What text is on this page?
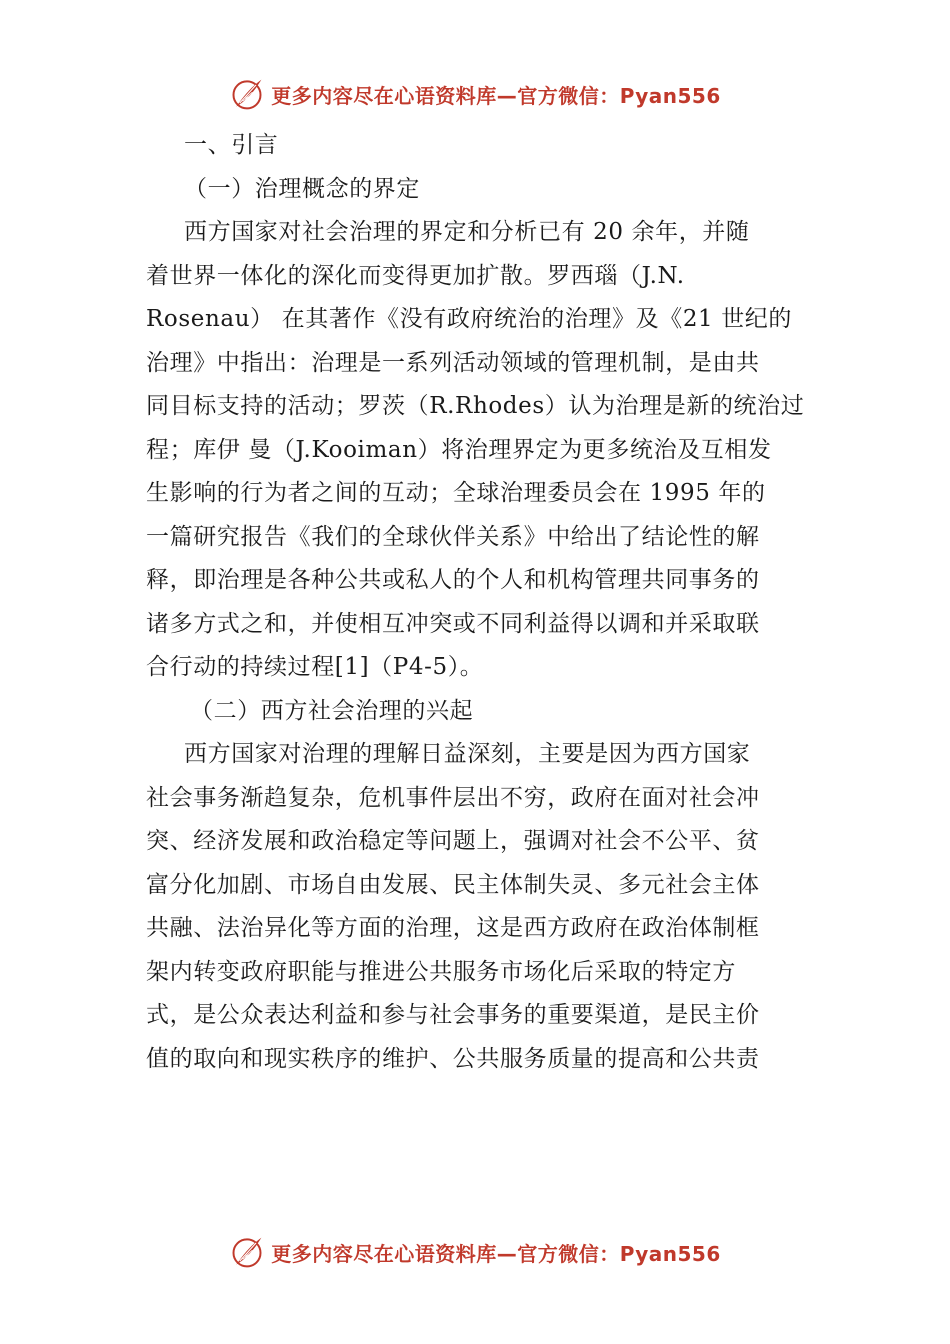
更多内容尽在心语资料库—官方微信：Pyan556
一、引言
（一）治理概念的界定
西方国家对社会治理的界定和分析已有 20 余年，并随
着世界一体化的深化而变得更加扩散。罗西瑙（J.N.
Rosenau） 在其著作《没有政府统治的治理》及《21 世纪的
治理》中指出：治理是一系列活动领域的管理机制，是由共
同目标支持的活动；罗茨（R.Rhodes）认为治理是新的统治过
程；库伊 曼（J.Kooiman）将治理界定为更多统治及互相发
生影响的行为者之间的互动；全球治理委员会在 1995 年的
一篇研究报告《我们的全球伙伴关系》中给出了结论性的解
释，即治理是各种公共或私人的个人和机构管理共同事务的
诸多方式之和，并使相互冲突或不同利益得以调和并采取联
合行动的持续过程[1]（P4-5）。
（二）西方社会治理的兴起
西方国家对治理的理解日益深刻，主要是因为西方国家
社会事务渐趋复杂，危机事件层出不穷，政府在面对社会冲
突、经济发展和政治稳定等问题上，强调对社会不公平、贫
富分化加剧、市场自由发展、民主体制失灵、多元社会主体
共融、法治异化等方面的治理，这是西方政府在政治体制框
架内转变政府职能与推进公共服务市场化后采取的特定方
式，是公众表达利益和参与社会事务的重要渠道，是民主价
值的取向和现实秩序的维护、公共服务质量的提高和公共责
更多内容尽在心语资料库—官方微信：Pyan556
